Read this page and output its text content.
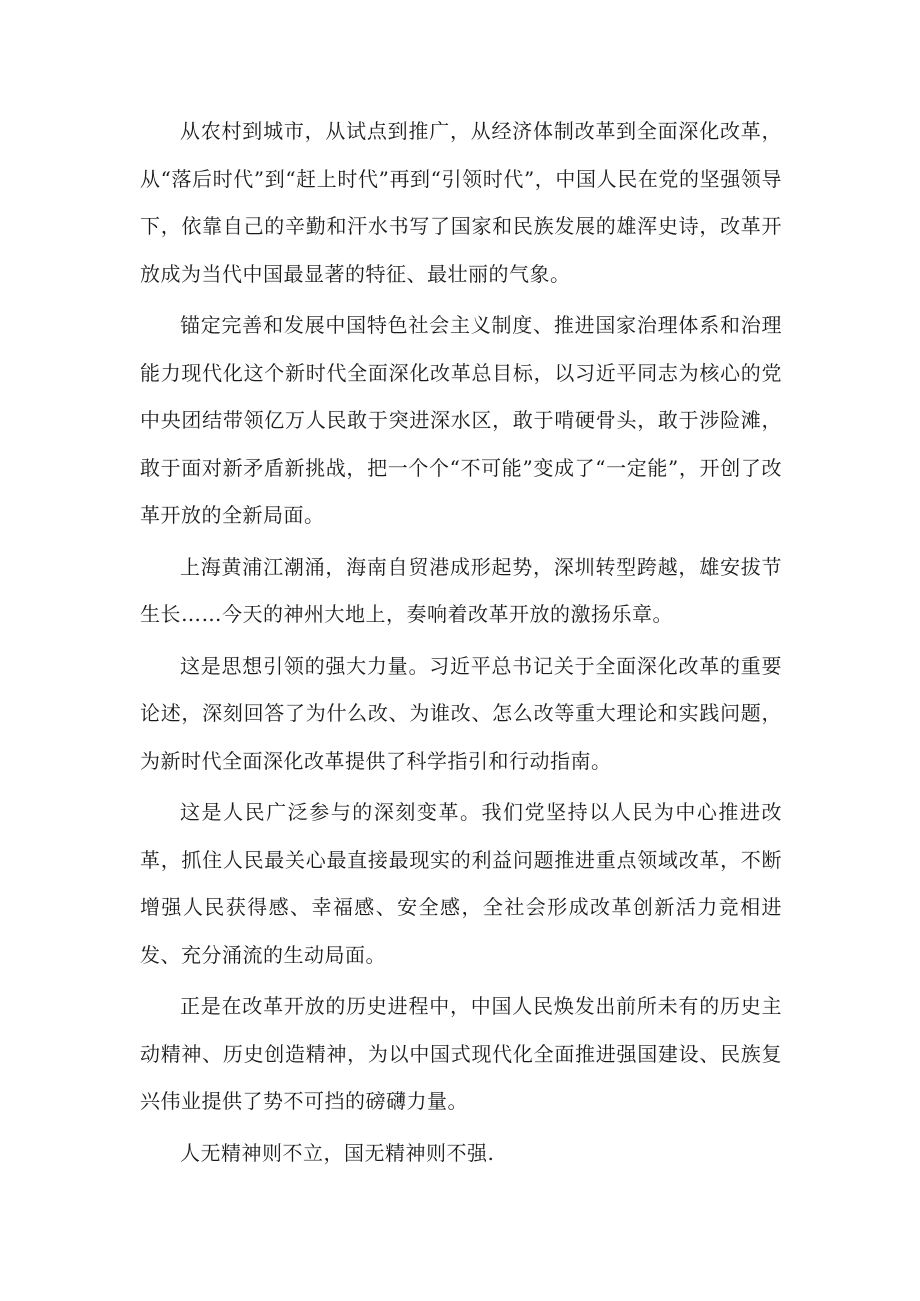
从农村到城市，从试点到推广，从经济体制改革到全面深化改革，从“落后时代”到“赶上时代”再到“引领时代”，中国人民在党的坚强领导下，依靠自己的辛勤和汗水书写了国家和民族发展的雄浑史诗，改革开放成为当代中国最显著的特征、最壮丽的气象。

锚定完善和发展中国特色社会主义制度、推进国家治理体系和治理能力现代化这个新时代全面深化改革总目标，以习近平同志为核心的党中央团结带领亿万人民敢于突进深水区，敢于啃硬骨头，敢于涉险滩，敢于面对新矛盾新挑战，把一个个“不可能”变成了“一定能”，开创了改革开放的全新局面。

上海黄浦江潮涌，海南自贸港成形起势，深圳转型跨越，雄安拔节生长……今天的神州大地上，奏响着改革开放的激扬乐章。

这是思想引领的强大力量。习近平总书记关于全面深化改革的重要论述，深刻回答了为什么改、为谁改、怎么改等重大理论和实践问题，为新时代全面深化改革提供了科学指引和行动指南。

这是人民广泛参与的深刻变革。我们党坚持以人民为中心推进改革，抓住人民最关心最直接最现实的利益问题推进重点领域改革，不断增强人民获得感、幸福感、安全感，全社会形成改革创新活力竞相进发、充分涌流的生动局面。

正是在改革开放的历史进程中，中国人民焕发出前所未有的历史主动精神、历史创造精神，为以中国式现代化全面推进强国建设、民族复兴伟业提供了势不可挡的磅礴力量。

人无精神则不立，国无精神则不强.
